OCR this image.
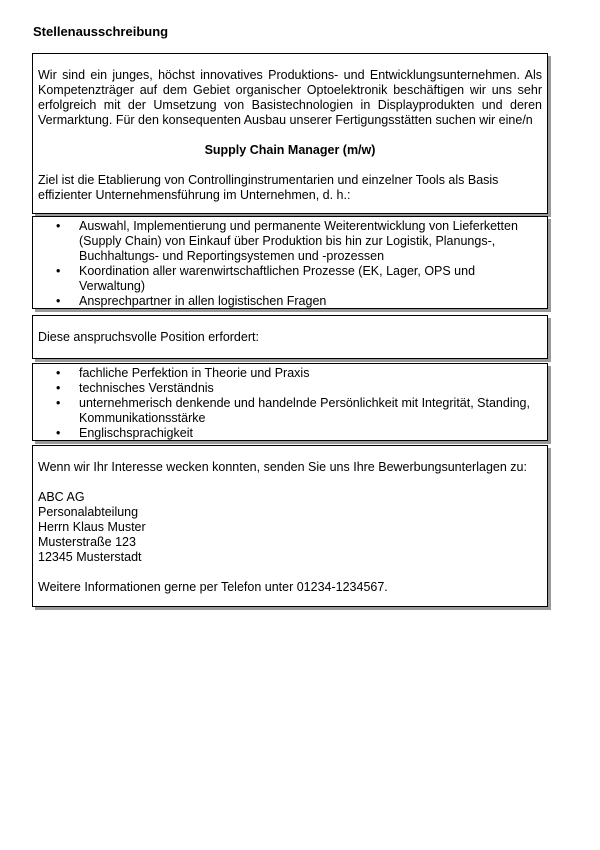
Stellenausschreibung

Wir sind ein junges, höchst innovatives Produktions- und Entwicklungsunternehmen. Als Kompetenzträger auf dem Gebiet organischer Optoelektronik beschäftigen wir uns sehr erfolgreich mit der Umsetzung von Basistechnologien in Displayprodukten und deren Vermarktung. Für den konsequenten Ausbau unserer Fertigungsstätten suchen wir eine/n

Supply Chain Manager (m/w)

Ziel ist die Etablierung von Controllinginstrumentarien und einzelner Tools als Basis effizienter Unternehmensführung im Unternehmen, d. h.:

• Auswahl, Implementierung und permanente Weiterentwicklung von Lieferketten (Supply Chain) von Einkauf über Produktion bis hin zur Logistik, Planungs-, Buchhaltungs- und Reportingsystemen und -prozessen
• Koordination aller warenwirtschaftlichen Prozesse (EK, Lager, OPS und Verwaltung)
• Ansprechpartner in allen logistischen Fragen
Diese anspruchsvolle Position erfordert:
• fachliche Perfektion in Theorie und Praxis
• technisches Verständnis
• unternehmerisch denkende und handelnde Persönlichkeit mit Integrität, Standing, Kommunikationsstärke
• Englischsprachigkeit
Wenn wir Ihr Interesse wecken konnten, senden Sie uns Ihre Bewerbungsunterlagen zu:
ABC AG
Personalabteilung
Herrn Klaus Muster
Musterstraße 123
12345 Musterstadt
Weitere Informationen gerne per Telefon unter 01234-1234567.
